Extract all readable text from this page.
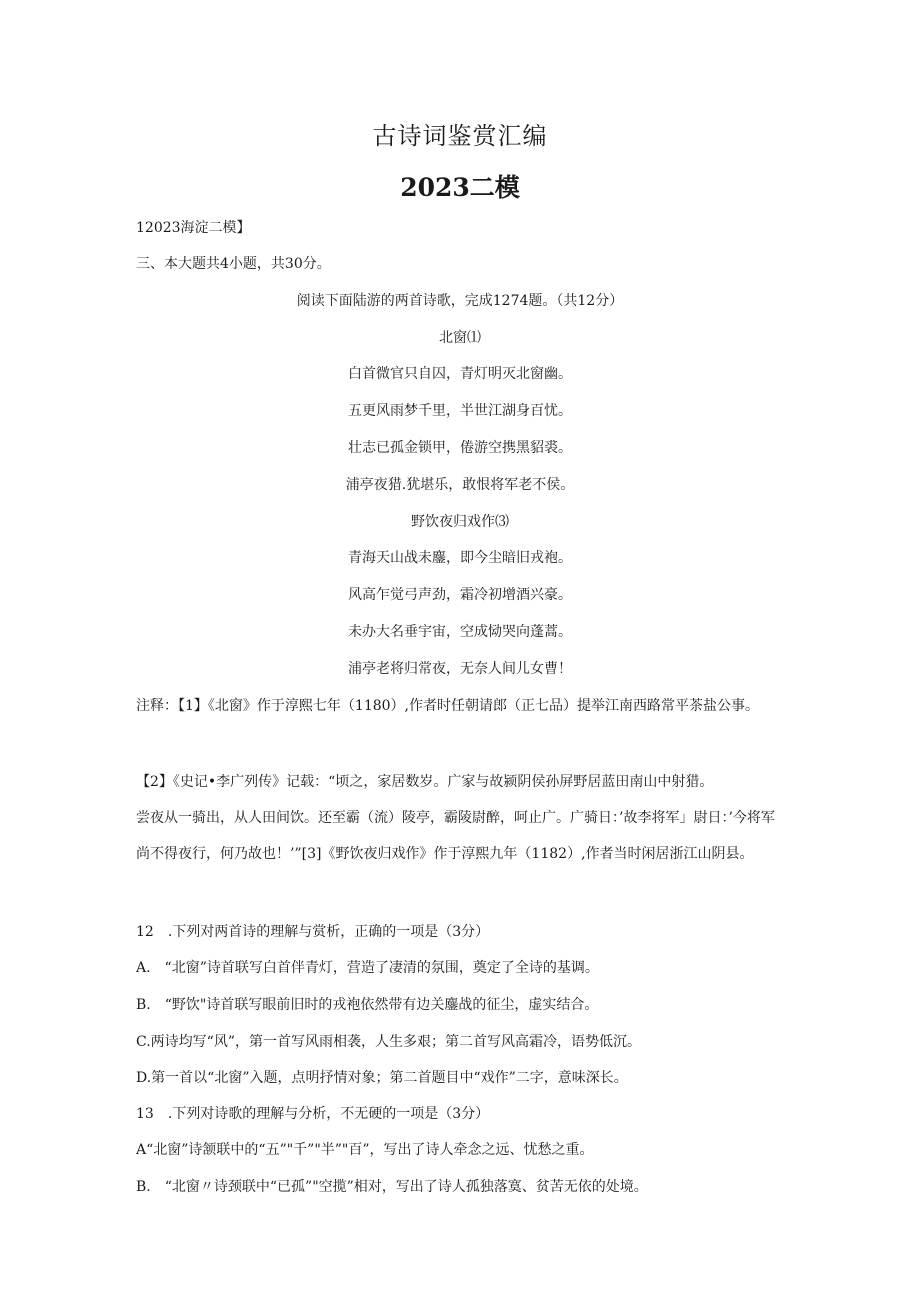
古诗词鉴赏汇编
2023二模
12023海淀二模】
三、本大题共4小题，共30分。
阅读下面陆游的两首诗歌，完成1274题。（共12分）
北窗⑴
白首微官只自囚，青灯明灭北窗幽。
五更风雨梦千里，半世江湖身百忧。
壮志已孤金锁甲，倦游空携黑貂裘。
浦亭夜猎.犹堪乐，敢恨将军老不侯。
野饮夜归戏作⑶
青海天山战未鏖，即今尘暗旧戎袍。
风高乍觉弓声劲，霜冷初增酒兴豪。
未办大名垂宇宙，空成恸哭向蓬蒿。
浦亭老将归常夜，无奈人间儿女曹！
注释：【1】《北窗》作于淳熙七年（1180）,作者时任朝请郎（正七品）提举江南西路常平茶盐公事。
【2】《史记•李广列传》记载：“顷之，家居数岁。广家与故颍阴侯孙屏野居蓝田南山中射猎。
尝夜从一骑出，从人田间饮。还至霸（流）陵亭，霸陵尉醉，呵止广。广骑日：’故李将军」尉日：’今将军尚不得夜行，何乃故也！’”[3]《野饮夜归戏作》作于淳熙九年（1182）,作者当时闲居浙江山阴县。
12　.下列对两首诗的理解与赏析，正确的一项是（3分）
A.　“北窗”诗首联写白首伴青灯，营造了凄清的氛围，奠定了全诗的基调。
B.　“野饮"诗首联写眼前旧时的戎袍依然带有边关鏖战的征尘，虚实结合。
C.两诗均写“风”，第一首写风雨相袭，人生多艰；第二首写风高霜冷，语势低沉。
D.第一首以“北窗”入题，点明抒情对象；第二首题目中“戏作”二字，意味深长。
13　.下列对诗歌的理解与分析，不无硬的一项是（3分）
A“北窗”诗颔联中的“五”"千”"半”"百”，写出了诗人牵念之远、忧愁之重。
B.　“北窗〃诗颈联中“已孤”"空揽”相对，写出了诗人孤独落寞、贫苦无依的处境。
